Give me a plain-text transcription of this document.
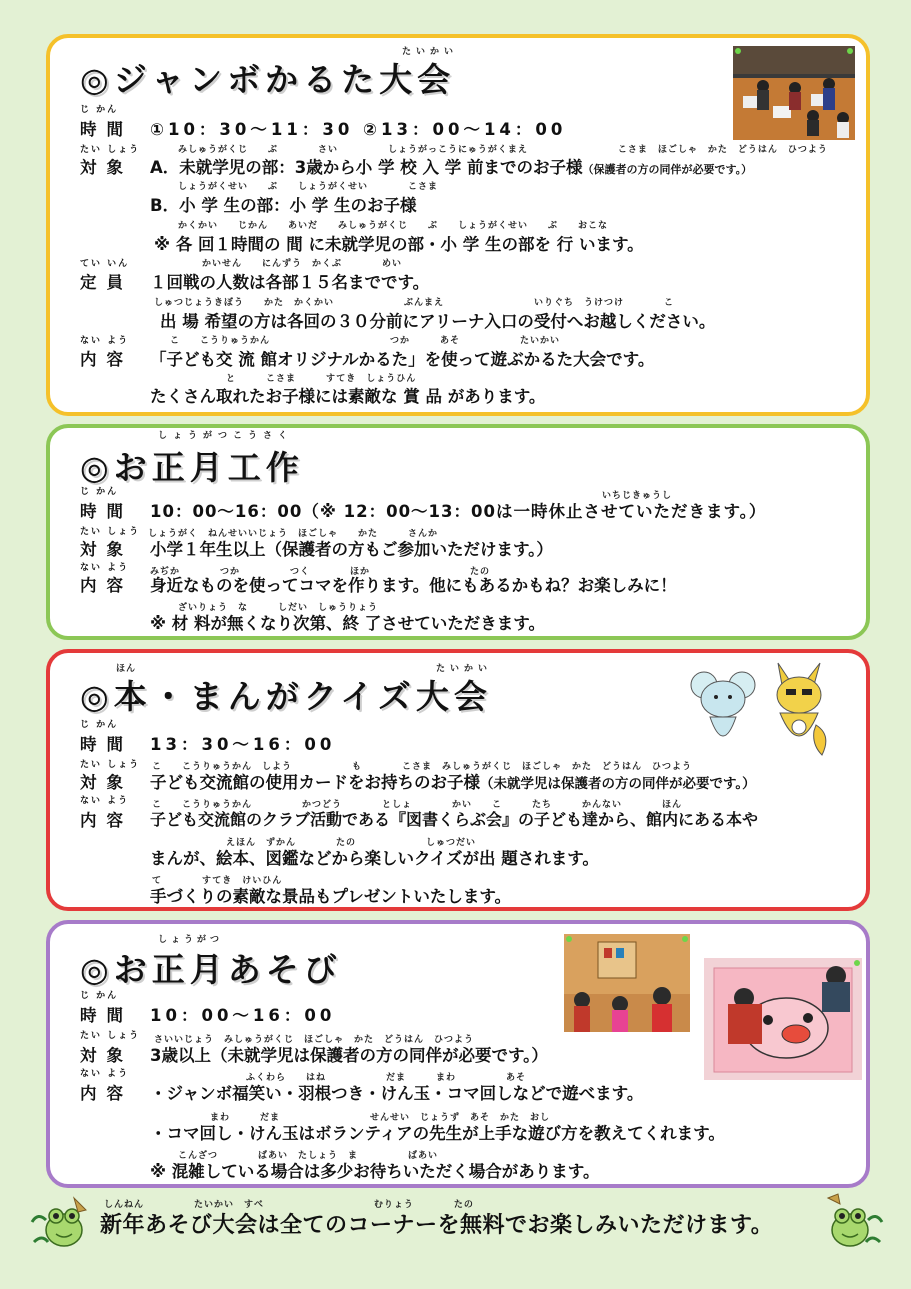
たいかい
◎ジャンボかるた大会
じ かん
時間 ①10：30～11：30 ②13：00～14：00
たい しょう	みしゅうがくじ　　ぶ　　　　さい　　　　　しょうがっこうにゅうがくまえ　　　　　　　　　こさま　ほごしゃ　かた　どうはん　ひつよう
対象 A．未就学児の部：3歳から小 学 校 入 学 前までのお子様（保護者の方の同伴が必要です。）
しょうがくせい　　ぶ　　しょうがくせい　　　　こさま
B．小 学 生の部：小 学 生のお子様
かくかい　　じかん　　あいだ　　みしゅうがくじ　　ぶ　　しょうがくせい　　ぶ　　おこな
※ 各 回１時間の 間 に未就学児の部・小 学 生の部を 行 います。
てい いん	かいせん　　にんずう　かくぶ　　　　めい
定員 １回戦の人数は各部１５名までです。
しゅつじょうきぼう　　かた　かくかい　　　　　　　ぶんまえ　　　　　　　　　いりぐち　うけつけ　　　　こ
出 場 希望の方は各回の３０分前にアリーナ入口の受付へお越しください。
ない よう	こ　　こうりゅうかん　　　　　　　　　　　　つか　　　あそ　　　　　　たいかい
内容 「子ども交 流 館オリジナルかるた」を使って遊ぶかるた大会です。
と　　　こさま　　　すてき　しょうひん
たくさん取れたお子様には素敵な 賞 品 があります。
しょうがつこうさく
◎お正月工作
じ かん	いちじきゅうし
時間 10：00～16：00（※ 12：00～13：00は一時休止させていただきます。）
たい しょう しょうがく　ねんせいいじょう　ほごしゃ　　かた　　　さんか
対象 小学１年生以上（保護者の方もご参加いただけます。）
ない よう みぢか　　　　つか　　　　　つく　　　　ほか　　　　　　　　　　たの
内容 身近なものを使ってコマを作ります。他にもあるかもね？お楽しみに！
ざいりょう　な　　　しだい　しゅうりょう
※ 材 料が無くなり次第、終 了させていただきます。
ほん	たいかい
◎本・まんがクイズ大会
じ かん
時間 13：30～16：00
たい しょう こ　　こうりゅうかん　しよう　　　　　　も　　　　こさま　みしゅうがくじ　ほごしゃ　かた　どうはん　ひつよう
対象 子ども交流館の使用カードをお持ちのお子様（未就学児は保護者の方の同伴が必要です。）
ない よう	こ　　こうりゅうかん　　　　　かつどう　　　　としょ　　　　かい　　こ　　　たち　　　かんない　　　　ほん
内容 子ども交流館のクラブ活動である『図書くらぶ会』の子ども達から、館内にある本や
えほん　ずかん　　　　たの　　　　　　　しゅつだい
まんが、絵本、図鑑などから楽しいクイズが出 題されます。
て　　　　すてき　けいひん
手づくりの素敵な景品もプレゼントいたします。
しょうがつ
◎お正月あそび
じ かん
時間 10：00～16：00
たい しょう さいいじょう　みしゅうがくじ　ほごしゃ　かた　どうはん　ひつよう
対象 3歳以上（未就学児は保護者の方の同伴が必要です。）
ない よう	ふくわら　　はね　　　　　　だま　　　まわ　　　　　あそ
内容 ・ジャンボ福笑い・羽根つき・けん玉・コマ回しなどで遊べます。
まわ　　　だま　　　　　　　　　せんせい　じょうず　あそ　かた　おし
・コマ回し・けん玉はボランティアの先生が上手な遊び方を教えてくれます。
こんざつ　　　　ばあい　たしょう　ま　　　　　ばあい
※ 混雑している場合は多少お待ちいただく場合があります。
しんねん　　　　　たいかい　すべ　　　　　　　　　　　むりょう　　　　たの
新年あそび大会は全てのコーナーを無料でお楽しみいただけます。
